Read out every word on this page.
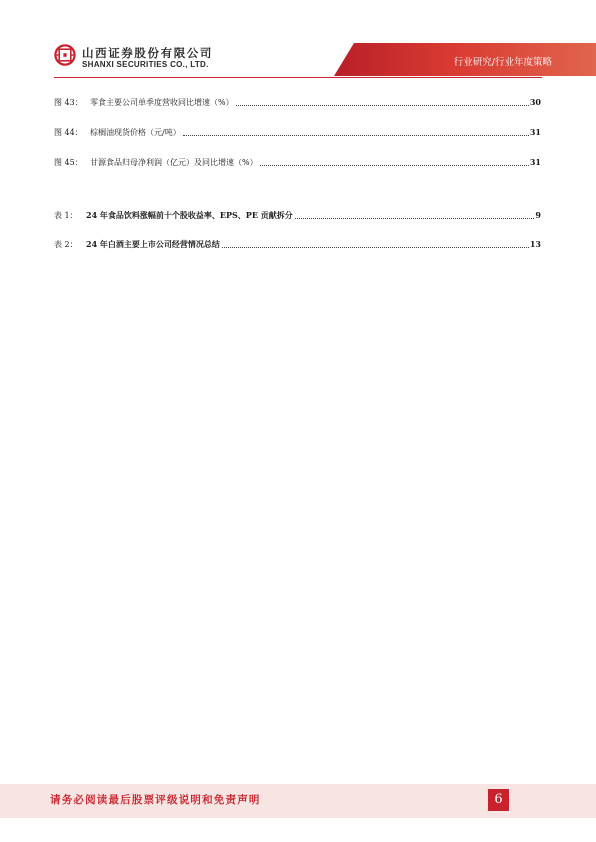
山西证券股份有限公司
SHANXI SECURITIES CO., LTD.	行业研究/行业年度策略
图 43： 零食主要公司单季度营收同比增速（%）	30
图 44： 棕榈油现货价格（元/吨）	31
图 45： 甘源食品归母净利润（亿元）及同比增速（%）	31
表 1：	24 年食品饮料涨幅前十个股收益率、EPS、PE 贡献拆分	9
表 2：	24 年白酒主要上市公司经营情况总结	13
请务必阅读最后股票评级说明和免责声明	6
